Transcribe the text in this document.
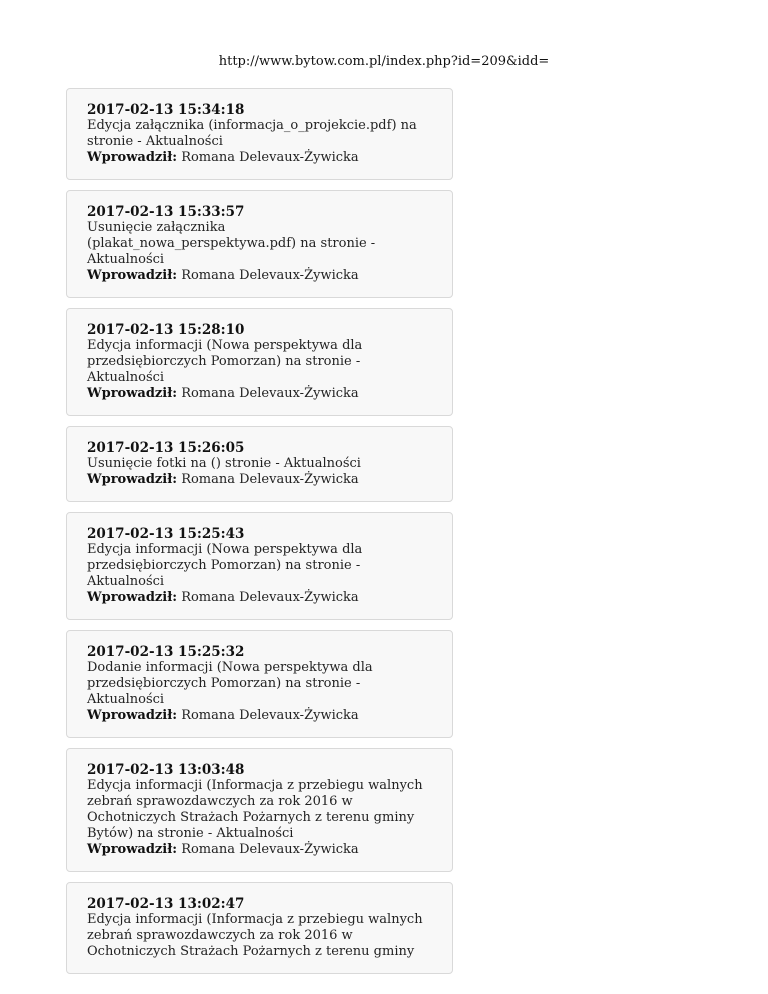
http://www.bytow.com.pl/index.php?id=209&idd=
2017-02-13 15:34:18
Edycja załącznika (informacja_o_projekcie.pdf) na stronie - Aktualności
Wprowadził: Romana Delevaux-Żywicka
2017-02-13 15:33:57
Usunięcie załącznika (plakat_nowa_perspektywa.pdf) na stronie - Aktualności
Wprowadził: Romana Delevaux-Żywicka
2017-02-13 15:28:10
Edycja informacji (Nowa perspektywa dla przedsiębiorczych Pomorzan) na stronie - Aktualności
Wprowadził: Romana Delevaux-Żywicka
2017-02-13 15:26:05
Usunięcie fotki na () stronie - Aktualności
Wprowadził: Romana Delevaux-Żywicka
2017-02-13 15:25:43
Edycja informacji (Nowa perspektywa dla przedsiębiorczych Pomorzan) na stronie - Aktualności
Wprowadził: Romana Delevaux-Żywicka
2017-02-13 15:25:32
Dodanie informacji (Nowa perspektywa dla przedsiębiorczych Pomorzan) na stronie - Aktualności
Wprowadził: Romana Delevaux-Żywicka
2017-02-13 13:03:48
Edycja informacji (Informacja z przebiegu walnych zebrań sprawozdawczych za rok 2016 w Ochotniczych Strażach Pożarnych z terenu gminy Bytów) na stronie - Aktualności
Wprowadził: Romana Delevaux-Żywicka
2017-02-13 13:02:47
Edycja informacji (Informacja z przebiegu walnych zebrań sprawozdawczych za rok 2016 w Ochotniczych Strażach Pożarnych z terenu gminy
